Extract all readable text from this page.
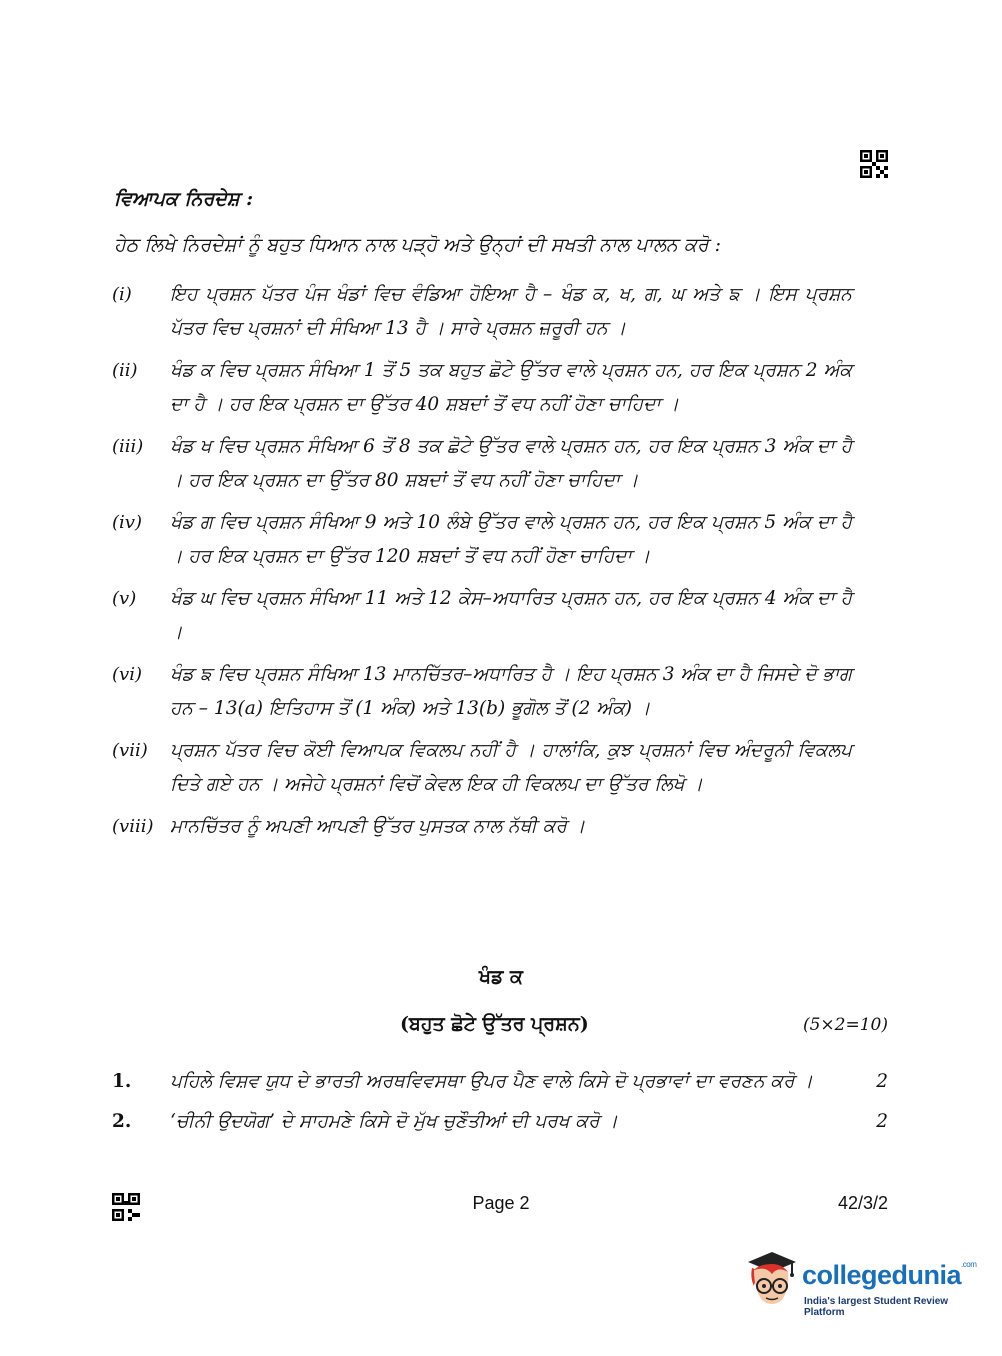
ਵਿਆਪਕ ਨਿਰਦੇਸ਼ :
ਹੇਠ ਲਿਖੇ ਨਿਰਦੇਸ਼ਾਂ ਨੂੰ ਬਹੁਤ ਧਿਆਨ ਨਾਲ ਪੜ੍ਹੋ ਅਤੇ ਉਨ੍ਹਾਂ ਦੀ ਸਖਤੀ ਨਾਲ ਪਾਲਨ ਕਰੋ :
(i)	ਇਹ ਪ੍ਰਸ਼ਨ ਪੱਤਰ ਪੰਜ ਖੰਡਾਂ ਵਿਚ ਵੰਡਿਆ ਹੋਇਆ ਹੈ – ਖੰਡ ਕ, ਖ, ਗ, ਘ ਅਤੇ ਙ । ਇਸ ਪ੍ਰਸ਼ਨ ਪੱਤਰ ਵਿਚ ਪ੍ਰਸ਼ਨਾਂ ਦੀ ਸੰਖਿਆ 13 ਹੈ । ਸਾਰੇ ਪ੍ਰਸ਼ਨ ਜ਼ਰੂਰੀ ਹਨ ।
(ii)	ਖੰਡ ਕ ਵਿਚ ਪ੍ਰਸ਼ਨ ਸੰਖਿਆ 1 ਤੋਂ 5 ਤਕ ਬਹੁਤ ਛੋਟੇ ਉੱਤਰ ਵਾਲੇ ਪ੍ਰਸ਼ਨ ਹਨ, ਹਰ ਇਕ ਪ੍ਰਸ਼ਨ 2 ਅੰਕ ਦਾ ਹੈ । ਹਰ ਇਕ ਪ੍ਰਸ਼ਨ ਦਾ ਉੱਤਰ 40 ਸ਼ਬਦਾਂ ਤੋਂ ਵਧ ਨਹੀਂ ਹੋਣਾ ਚਾਹਿਦਾ ।
(iii)	ਖੰਡ ਖ ਵਿਚ ਪ੍ਰਸ਼ਨ ਸੰਖਿਆ 6 ਤੋਂ 8 ਤਕ ਛੋਟੇ ਉੱਤਰ ਵਾਲੇ ਪ੍ਰਸ਼ਨ ਹਨ, ਹਰ ਇਕ ਪ੍ਰਸ਼ਨ 3 ਅੰਕ ਦਾ ਹੈ । ਹਰ ਇਕ ਪ੍ਰਸ਼ਨ ਦਾ ਉੱਤਰ 80 ਸ਼ਬਦਾਂ ਤੋਂ ਵਧ ਨਹੀਂ ਹੋਣਾ ਚਾਹਿਦਾ ।
(iv)	ਖੰਡ ਗ ਵਿਚ ਪ੍ਰਸ਼ਨ ਸੰਖਿਆ 9 ਅਤੇ 10 ਲੰਬੇ ਉੱਤਰ ਵਾਲੇ ਪ੍ਰਸ਼ਨ ਹਨ, ਹਰ ਇਕ ਪ੍ਰਸ਼ਨ 5 ਅੰਕ ਦਾ ਹੈ । ਹਰ ਇਕ ਪ੍ਰਸ਼ਨ ਦਾ ਉੱਤਰ 120 ਸ਼ਬਦਾਂ ਤੋਂ ਵਧ ਨਹੀਂ ਹੋਣਾ ਚਾਹਿਦਾ ।
(v)	ਖੰਡ ਘ ਵਿਚ ਪ੍ਰਸ਼ਨ ਸੰਖਿਆ 11 ਅਤੇ 12 ਕੇਸ–ਅਧਾਰਿਤ ਪ੍ਰਸ਼ਨ ਹਨ, ਹਰ ਇਕ ਪ੍ਰਸ਼ਨ 4 ਅੰਕ ਦਾ ਹੈ ।
(vi)	ਖੰਡ ਙ ਵਿਚ ਪ੍ਰਸ਼ਨ ਸੰਖਿਆ 13 ਮਾਨਚਿੱਤਰ–ਅਧਾਰਿਤ ਹੈ । ਇਹ ਪ੍ਰਸ਼ਨ 3 ਅੰਕ ਦਾ ਹੈ ਜਿਸਦੇ ਦੋ ਭਾਗ ਹਨ – 13(a) ਇਤਿਹਾਸ ਤੋਂ (1 ਅੰਕ) ਅਤੇ 13(b) ਭੂਗੋਲ ਤੋਂ (2 ਅੰਕ) ।
(vii)	ਪ੍ਰਸ਼ਨ ਪੱਤਰ ਵਿਚ ਕੋਈ ਵਿਆਪਕ ਵਿਕਲਪ ਨਹੀਂ ਹੈ । ਹਾਲਾਂਕਿ, ਕੁਝ ਪ੍ਰਸ਼ਨਾਂ ਵਿਚ ਅੰਦਰੂਨੀ ਵਿਕਲਪ ਦਿਤੇ ਗਏ ਹਨ । ਅਜੇਹੇ ਪ੍ਰਸ਼ਨਾਂ ਵਿਚੋਂ ਕੇਵਲ ਇਕ ਹੀ ਵਿਕਲਪ ਦਾ ਉੱਤਰ ਲਿਖੋ ।
(viii) ਮਾਨਚਿੱਤਰ ਨੂੰ ਅਪਣੀ ਆਪਣੀ ਉੱਤਰ ਪੁਸਤਕ ਨਾਲ ਨੱਥੀ ਕਰੋ ।
ਖੰਡ ਕ
(ਬਹੁਤ ਛੋਟੇ ਉੱਤਰ ਪ੍ਰਸ਼ਨ)	(5×2=10)
1.	ਪਹਿਲੇ ਵਿਸ਼ਵ ਯੁਧ ਦੇ ਭਾਰਤੀ ਅਰਥਵਿਵਸਥਾ ਉਪਰ ਪੈਣ ਵਾਲੇ ਕਿਸੇ ਦੋ ਪ੍ਰਭਾਵਾਂ ਦਾ ਵਰਣਨ ਕਰੋ ।	2
2.	‘ਚੀਨੀ ਉਦਯੋਗ’ ਦੇ ਸਾਹਮਣੇ ਕਿਸੇ ਦੋ ਮੁੱਖ ਚੁਣੌਤੀਆਂ ਦੀ ਪਰਖ ਕਰੋ ।	2
Page 2	42/3/2
collegedunia$^{.com}$
India's largest Student Review Platform
